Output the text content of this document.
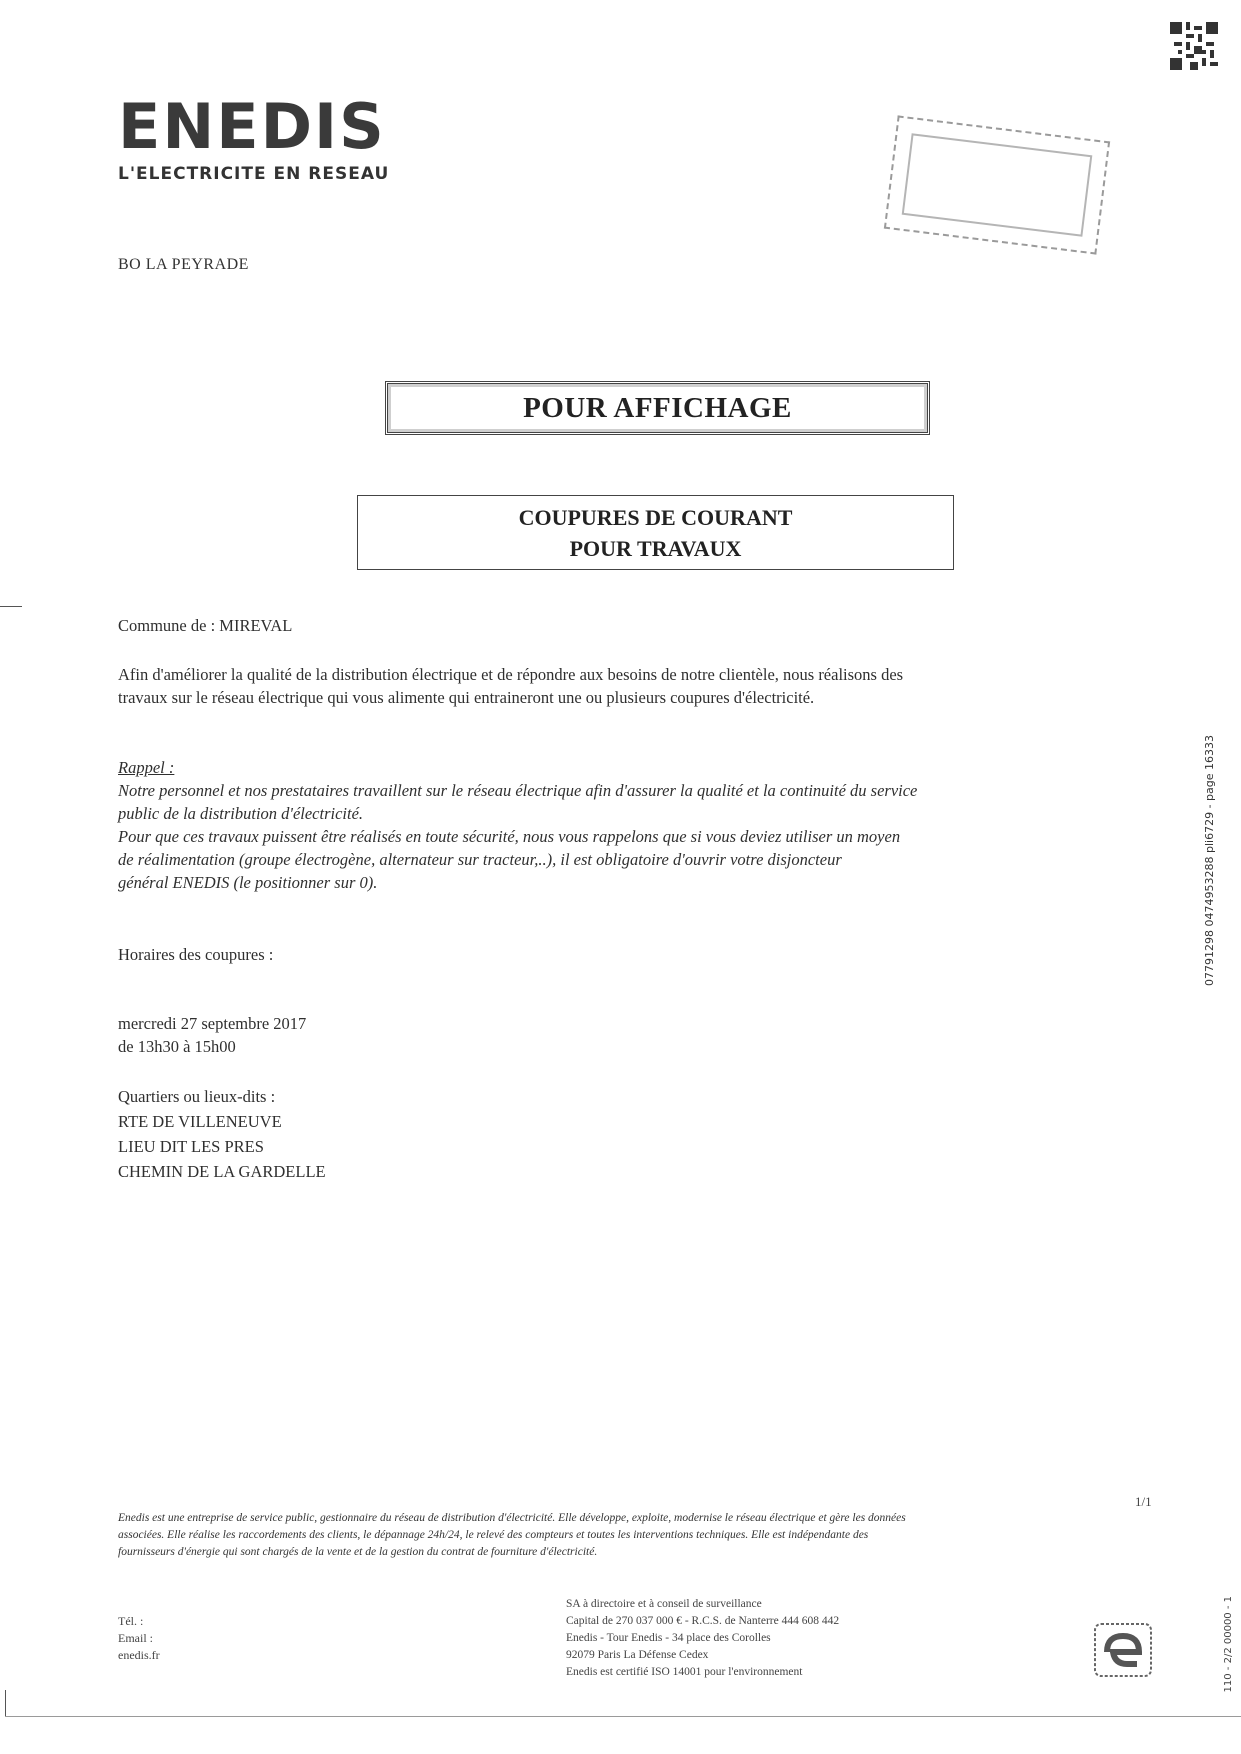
ENEDIS
L'ELECTRICITE EN RESEAU
BO LA PEYRADE
POUR AFFICHAGE
COUPURES DE COURANT
POUR TRAVAUX
Commune de : MIREVAL
Afin d'améliorer la qualité de la distribution électrique et de répondre aux besoins de notre clientèle, nous réalisons des
travaux sur le réseau électrique qui vous alimente qui entraineront une ou plusieurs coupures d'électricité.
Rappel :
Notre personnel et nos prestataires travaillent sur le réseau électrique afin d'assurer la qualité et la continuité du service
public de la distribution d'électricité.
Pour que ces travaux puissent être réalisés en toute sécurité, nous vous rappelons que si vous deviez utiliser un moyen
de réalimentation (groupe électrogène, alternateur sur tracteur,..), il est obligatoire d'ouvrir votre disjoncteur
général ENEDIS (le positionner sur 0).
Horaires des coupures :
mercredi 27 septembre 2017
de 13h30 à 15h00
Quartiers ou lieux-dits :
RTE DE VILLENEUVE
LIEU DIT LES PRES
CHEMIN DE LA GARDELLE
1/1
Enedis est une entreprise de service public, gestionnaire du réseau de distribution d'électricité. Elle développe, exploite, modernise le réseau électrique et gère les données
associées. Elle réalise les raccordements des clients, le dépannage 24h/24, le relevé des compteurs et toutes les interventions techniques. Elle est indépendante des
fournisseurs d'énergie qui sont chargés de la vente et de la gestion du contrat de fourniture d'électricité.
Tél. :
Email :
enedis.fr
SA à directoire et à conseil de surveillance
Capital de 270 037 000 € - R.C.S. de Nanterre 444 608 442
Enedis - Tour Enedis - 34 place des Corolles
92079 Paris La Défense Cedex
Enedis est certifié ISO 14001 pour l'environnement
07791298 0474953288 pli6729 - page 16333
110 - 2/2 00000 - 1
